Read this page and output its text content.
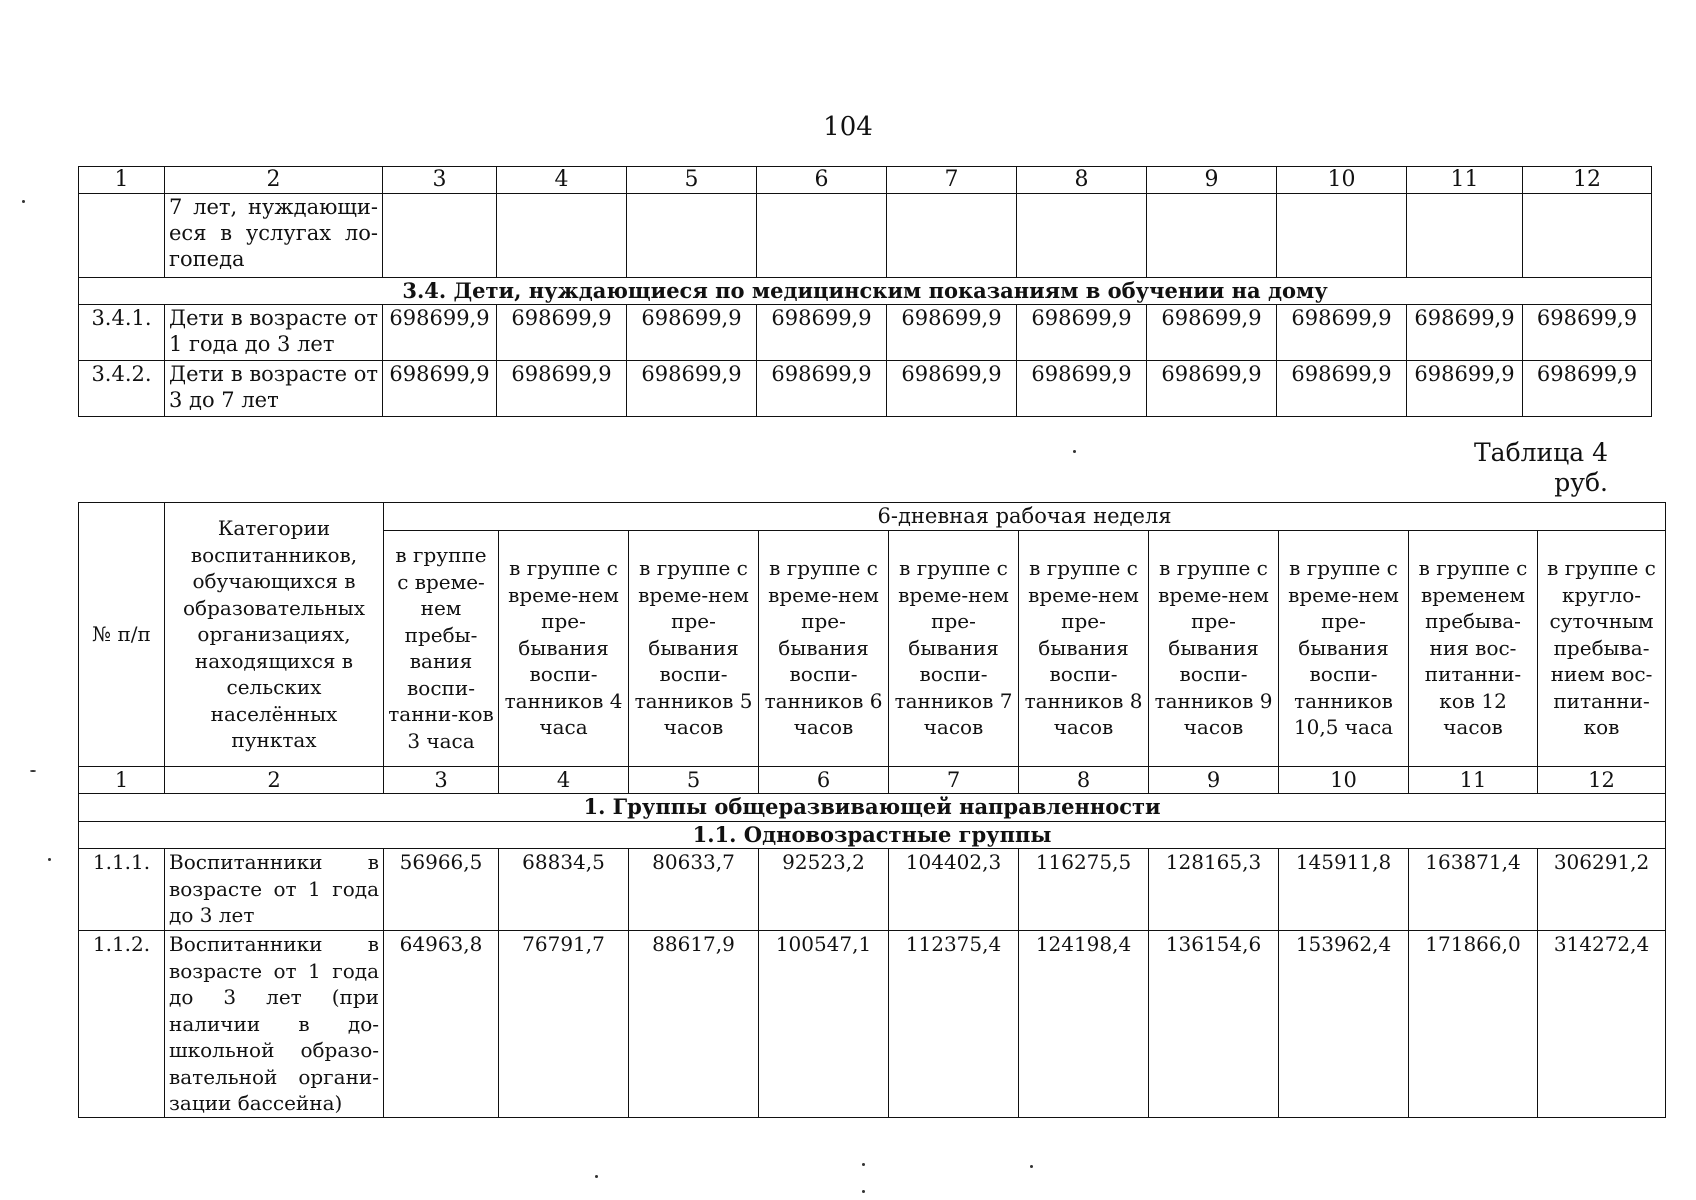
104
1	2	3	4	5	6	7	8	9	10	11	12
	7 лет, нуждающи-еся в услугах ло-гопеда										
3.4. Дети, нуждающиеся по медицинским показаниям в обучении на дому											
3.4.1.	Дети в возрасте от 1 года до 3 лет	698699,9	698699,9	698699,9	698699,9	698699,9	698699,9	698699,9	698699,9	698699,9	698699,9
3.4.2.	Дети в возрасте от 3 до 7 лет	698699,9	698699,9	698699,9	698699,9	698699,9	698699,9	698699,9	698699,9	698699,9	698699,9
Таблица 4
руб.
№ п/п	Категории воспитанников, обучающихся в образовательных организациях, находящихся в сельских населённых пунктах	6-дневная рабочая неделя									
		в группе с време-нем пребы-вания воспи-танни-ков 3 часа	в группе с време-нем пре-бывания воспи-танников 4 часа	в группе с време-нем пре-бывания воспи-танников 5 часов	в группе с време-нем пре-бывания воспи-танников 6 часов	в группе с време-нем пре-бывания воспи-танников 7 часов	в группе с време-нем пре-бывания воспи-танников 8 часов	в группе с време-нем пре-бывания воспи-танников 9 часов	в группе с време-нем пре-бывания воспи-танников 10,5 часа	в группе с временем пребыва-ния вос-питанни-ков 12 часов	в группе с кругло-суточным пребыва-нием вос-питанни-ков
1	2	3	4	5	6	7	8	9	10	11	12
1. Группы общеразвивающей направленности											
1.1. Одновозрастные группы											
1.1.1.	Воспитанники в возрасте от 1 года до 3 лет	56966,5	68834,5	80633,7	92523,2	104402,3	116275,5	128165,3	145911,8	163871,4	306291,2
1.1.2.	Воспитанники в возрасте от 1 года до 3 лет (при наличии в до-школьной образо-вательной органи-зации бассейна)	64963,8	76791,7	88617,9	100547,1	112375,4	124198,4	136154,6	153962,4	171866,0	314272,4
